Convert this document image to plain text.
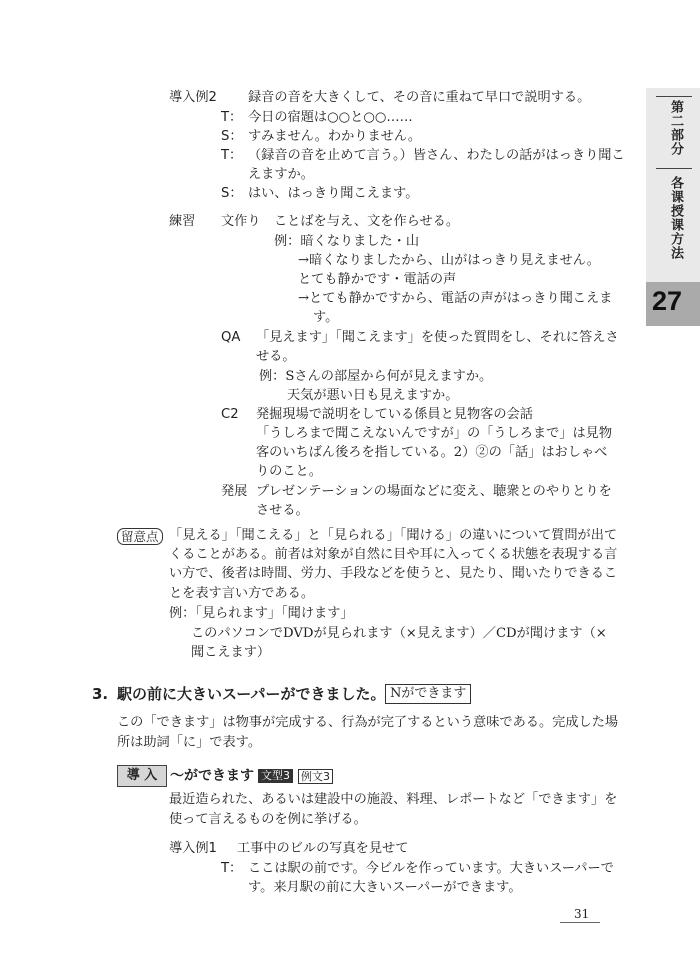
第二部分
各课授课方法
27
導入例2 録音の音を大きくして、その音に重ねて早口で説明する。
T： 今日の宿題は○○と○○……
S： すみません。わかりません。
T： （録音の音を止めて言う。）皆さん、わたしの話がはっきり聞こ
えますか。
S： はい、はっきり聞こえます。
練習 文作り ことばを与え、文を作らせる。
例：暗くなりました・山
→暗くなりましたから、山がはっきり見えません。
とても静かです・電話の声
→とても静かですから、電話の声がはっきり聞こえま
す。
QA 「見えます」「聞こえます」を使った質問をし、それに答えさ
せる。
例：Sさんの部屋から何が見えますか。
天気が悪い日も見えますか。
C2 発掘現場で説明をしている係員と見物客の会話
「うしろまで聞こえないんですが」の「うしろまで」は見物
客のいちばん後ろを指している。2）②の「話」はおしゃべ
りのこと。
発展 プレゼンテーションの場面などに変え、聴衆とのやりとりを
させる。
留意点 「見える」「聞こえる」と「見られる」「聞ける」の違いについて質問が出て
くることがある。前者は対象が自然に目や耳に入ってくる状態を表現する言
い方で、後者は時間、労力、手段などを使うと、見たり、聞いたりできるこ
とを表す言い方である。
例：「見られます」「聞けます」
このパソコンでDVDが見られます（×見えます）／CDが聞けます（×
聞こえます）
3. 駅の前に大きいスーパーができました。 Nができます
この「できます」は物事が完成する、行為が完了するという意味である。完成した場
所は助詞「に」で表す。
導 入 ～ができます 文型3 例文3
最近造られた、あるいは建設中の施設、料理、レポートなど「できます」を
使って言えるものを例に挙げる。
導入例1 工事中のビルの写真を見せて
T： ここは駅の前です。今ビルを作っています。大きいスーパーで
す。来月駅の前に大きいスーパーができます。
31
